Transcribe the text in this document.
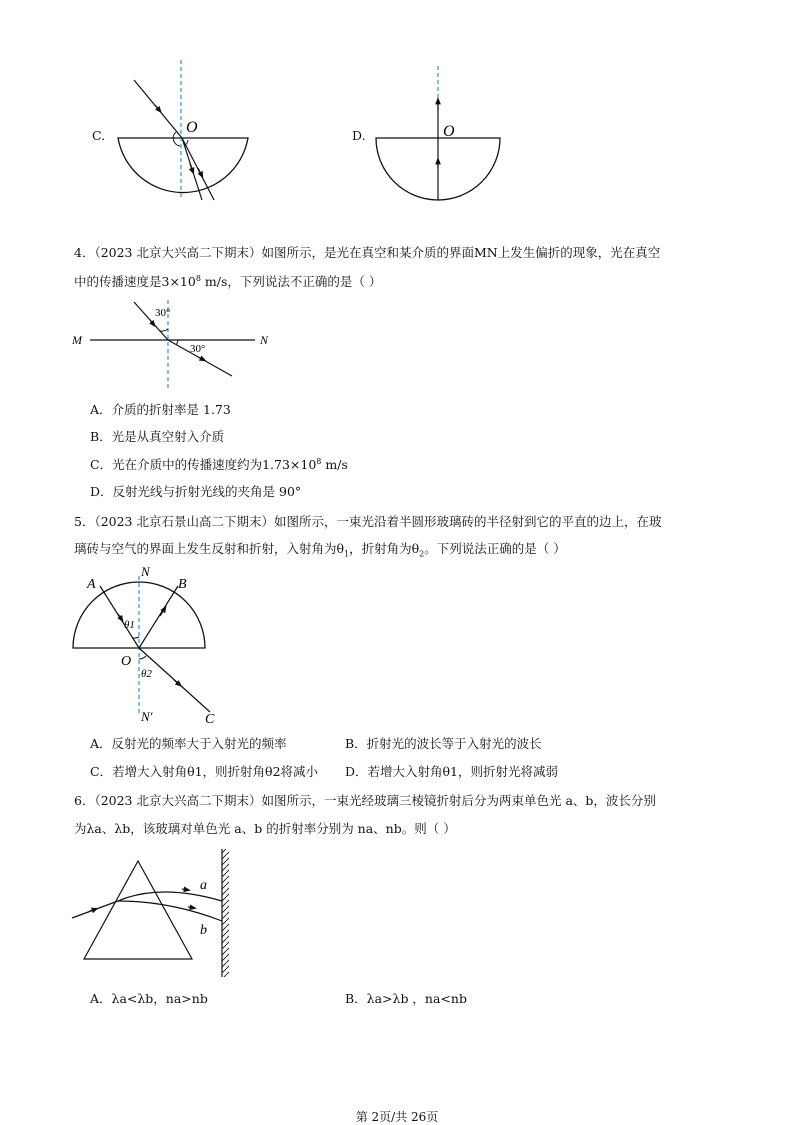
C.	O	D.	O
4．（2023 北京大兴高二下期末）如图所示，是光在真空和某介质的界面MN上发生偏折的现象，光在真空
中的传播速度是$3\times 10^8$ m/s，下列说法不正确的是（ ）
30°
30°
M	N
A．介质的折射率是 1.73
B．光是从真空射入介质
C．光在介质中的传播速度约为$1.73\times 10^8$ m/s
D．反射光线与折射光线的夹角是 90°
5．（2023 北京石景山高二下期末）如图所示，一束光沿着半圆形玻璃砖的半径射到它的平直的边上，在玻
璃砖与空气的界面上发生反射和折射，入射角为$\theta_1$，折射角为$\theta_2$。下列说法正确的是（ ）
A	B
N
N′
O
C
θ1
θ2
A．反射光的频率大于入射光的频率	B．折射光的波长等于入射光的波长
C．若增大入射角θ1，则折射角θ2将减小 D．若增大入射角θ1，则折射光将减弱
6．（2023 北京大兴高二下期末）如图所示，一束光经玻璃三棱镜折射后分为两束单色光 a、b，波长分别
为λa、λb，该玻璃对单色光 a、b 的折射率分别为 na、nb。则（ ）
a
b
A．λa<λb，na>nb	B．λa>λb ，na<nb
第 2页/共 26页
